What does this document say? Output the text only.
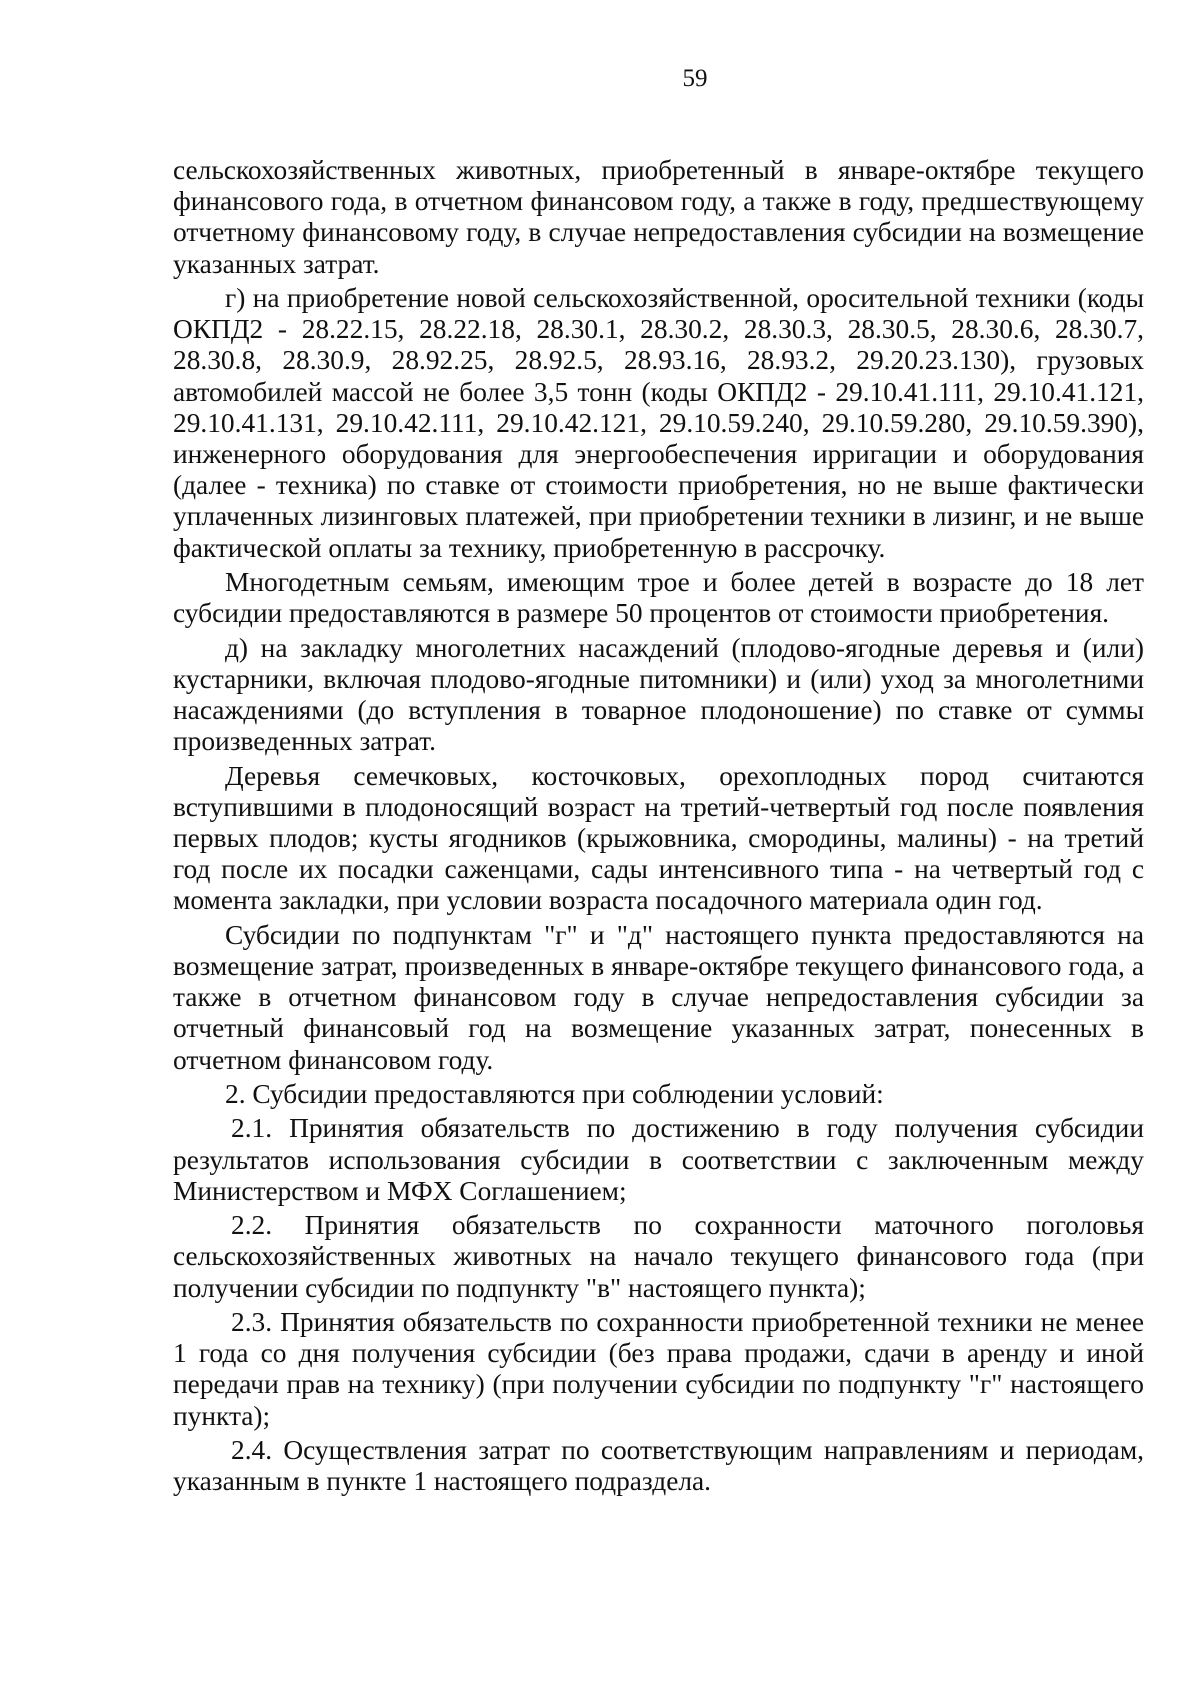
59

сельскохозяйственных животных, приобретенный в январе-октябре текущего финансового года, в отчетном финансовом году, а также в году, предшествующему отчетному финансовому году, в случае непредоставления субсидии на возмещение указанных затрат.

г) на приобретение новой сельскохозяйственной, оросительной техники (коды ОКПД2 - 28.22.15, 28.22.18, 28.30.1, 28.30.2, 28.30.3, 28.30.5, 28.30.6, 28.30.7, 28.30.8, 28.30.9, 28.92.25, 28.92.5, 28.93.16, 28.93.2, 29.20.23.130), грузовых автомобилей массой не более 3,5 тонн (коды ОКПД2 - 29.10.41.111, 29.10.41.121, 29.10.41.131, 29.10.42.111, 29.10.42.121, 29.10.59.240, 29.10.59.280, 29.10.59.390), инженерного оборудования для энергообеспечения ирригации и оборудования (далее - техника) по ставке от стоимости приобретения, но не выше фактически уплаченных лизинговых платежей, при приобретении техники в лизинг, и не выше фактической оплаты за технику, приобретенную в рассрочку.

Многодетным семьям, имеющим трое и более детей в возрасте до 18 лет субсидии предоставляются в размере 50 процентов от стоимости приобретения.

д) на закладку многолетних насаждений (плодово-ягодные деревья и (или) кустарники, включая плодово-ягодные питомники) и (или) уход за многолетними насаждениями (до вступления в товарное плодоношение) по ставке от суммы произведенных затрат.

Деревья семечковых, косточковых, орехоплодных пород считаются вступившими в плодоносящий возраст на третий-четвертый год после появления первых плодов; кусты ягодников (крыжовника, смородины, малины) - на третий год после их посадки саженцами, сады интенсивного типа - на четвертый год с момента закладки, при условии возраста посадочного материала один год.

Субсидии по подпунктам "г" и "д" настоящего пункта предоставляются на возмещение затрат, произведенных в январе-октябре текущего финансового года, а также в отчетном финансовом году в случае непредоставления субсидии за отчетный финансовый год на возмещение указанных затрат, понесенных в отчетном финансовом году.

2. Субсидии предоставляются при соблюдении условий:

2.1. Принятия обязательств по достижению в году получения субсидии результатов использования субсидии в соответствии с заключенным между Министерством и МФХ Соглашением;

2.2. Принятия обязательств по сохранности маточного поголовья сельскохозяйственных животных на начало текущего финансового года (при получении субсидии по подпункту "в" настоящего пункта);

2.3. Принятия обязательств по сохранности приобретенной техники не менее 1 года со дня получения субсидии (без права продажи, сдачи в аренду и иной передачи прав на технику) (при получении субсидии по подпункту "г" настоящего пункта);

2.4. Осуществления затрат по соответствующим направлениям и периодам, указанным в пункте 1 настоящего подраздела.
